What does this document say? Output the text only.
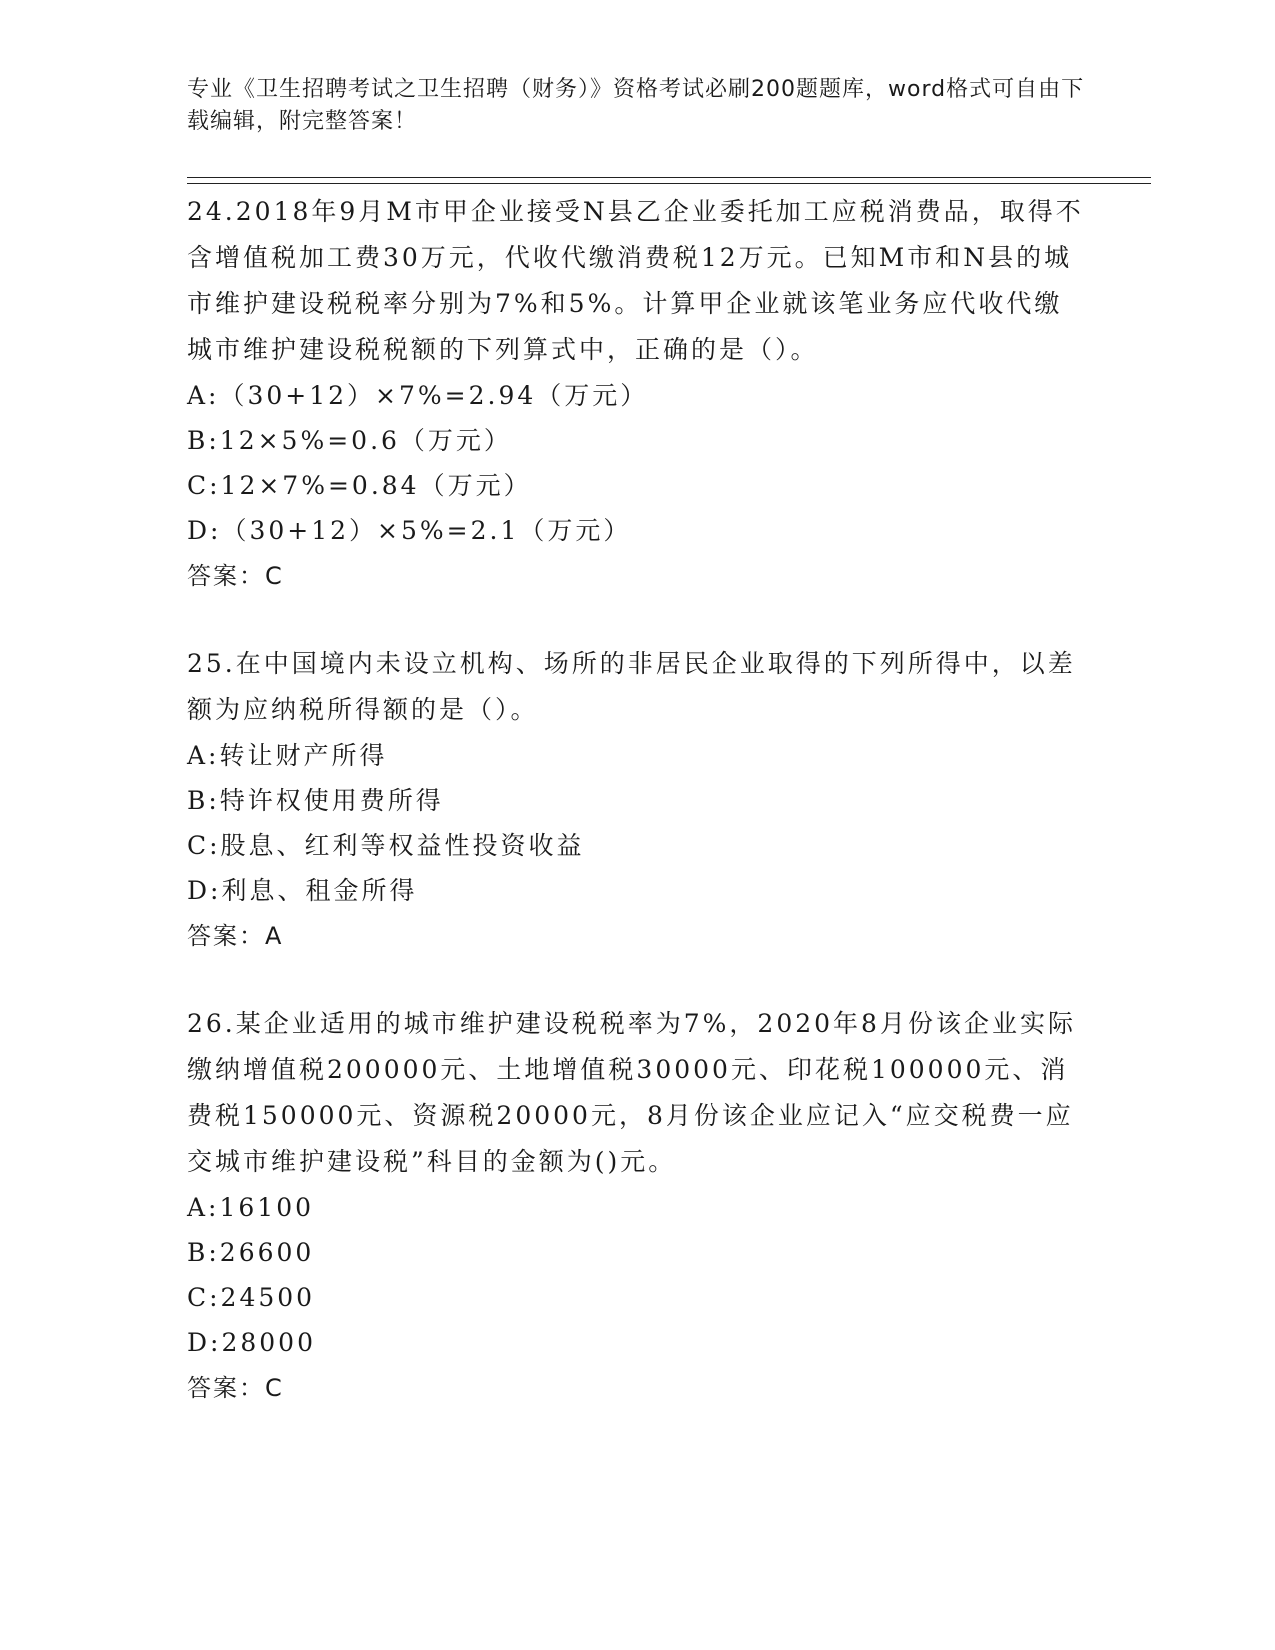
专业《卫生招聘考试之卫生招聘（财务）》资格考试必刷200题题库，word格式可自由下载编辑，附完整答案！
24.2018年9月M市甲企业接受N县乙企业委托加工应税消费品，取得不含增值税加工费30万元，代收代缴消费税12万元。已知M市和N县的城市维护建设税税率分别为7%和5%。计算甲企业就该笔业务应代收代缴城市维护建设税税额的下列算式中，正确的是（）。
A:（30+12）×7%=2.94（万元）
B:12×5%=0.6（万元）
C:12×7%=0.84（万元）
D:（30+12）×5%=2.1（万元）
答案：C
25.在中国境内未设立机构、场所的非居民企业取得的下列所得中，以差额为应纳税所得额的是（）。
A:转让财产所得
B:特许权使用费所得
C:股息、红利等权益性投资收益
D:利息、租金所得
答案：A
26.某企业适用的城市维护建设税税率为7%，2020年8月份该企业实际缴纳增值税200000元、土地增值税30000元、印花税100000元、消费税150000元、资源税20000元，8月份该企业应记入“应交税费一应交城市维护建设税”科目的金额为()元。
A:16100
B:26600
C:24500
D:28000
答案：C
